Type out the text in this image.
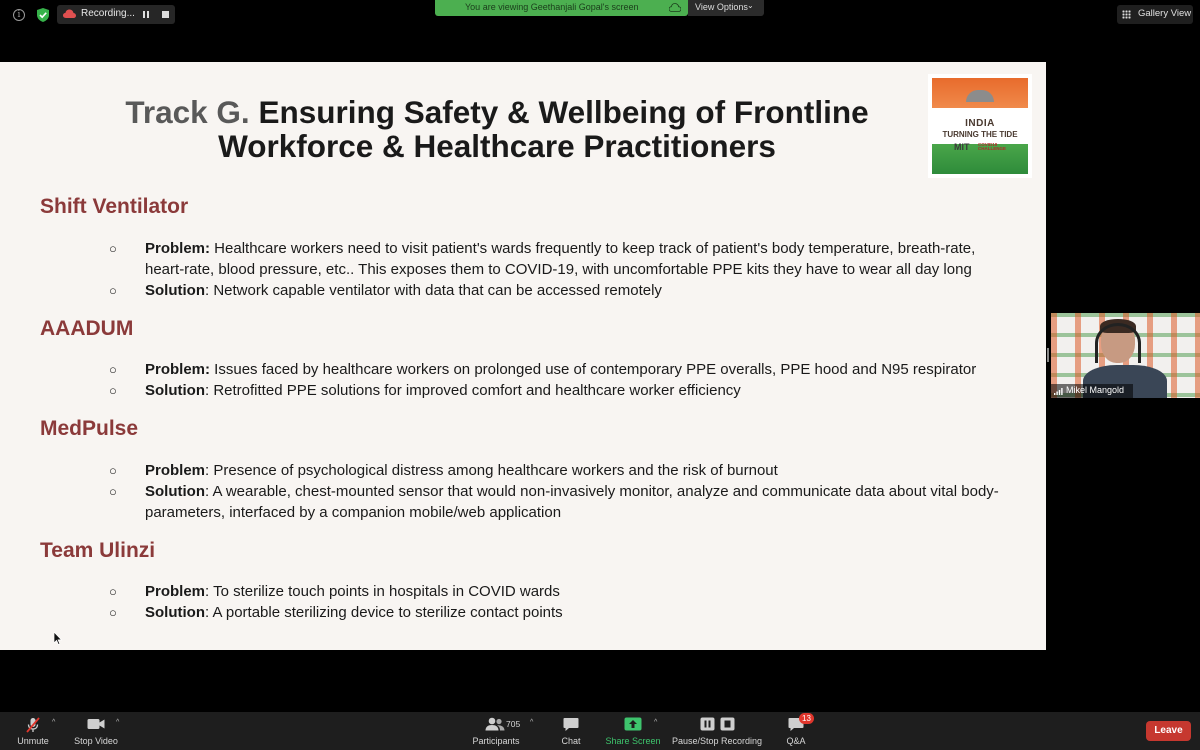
i	Recording...
You are viewing Geethanjali Gopal's screen	View Options ⌄
Gallery View
Track G. Ensuring Safety & Wellbeing of Frontline
Workforce & Healthcare Practitioners
INDIA
TURNING THE TIDE
MIT COVID19 CHALLENGE
Shift Ventilator
○ Problem: Healthcare workers need to visit patient's wards frequently to keep track of patient's body temperature, breath-rate, heart-rate, blood pressure, etc.. This exposes them to COVID-19, with uncomfortable PPE kits they have to wear all day long
○ Solution: Network capable ventilator with data that can be accessed remotely
AAADUM
○ Problem: Issues faced by healthcare workers on prolonged use of contemporary PPE overalls, PPE hood and N95 respirator
○ Solution: Retrofitted PPE solutions for improved comfort and healthcare worker efficiency
MedPulse
○ Problem: Presence of psychological distress among healthcare workers and the risk of burnout
○ Solution: A wearable, chest-mounted sensor that would non-invasively monitor, analyze and communicate data about vital body-parameters, interfaced by a companion mobile/web application
Team Ulinzi
○ Problem: To sterilize touch points in hospitals in COVID wards
○ Solution: A portable sterilizing device to sterilize contact points
Mikel Mangold
Unmute
^
Stop Video
^
Participants
705 ^
Chat	Share Screen
^
Pause/Stop Recording	Q&A
13
Leave
